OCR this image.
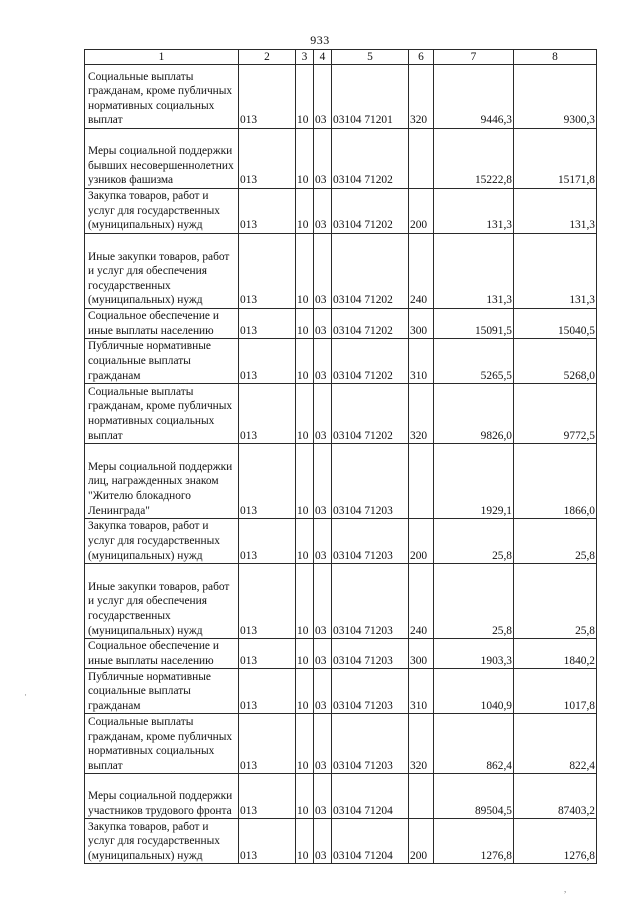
933
1	2	3	4	5	6	7	8
Социальные выплаты гражданам, кроме публичных нормативных социальных выплат	013	10	03	03104 71201	320	9446,3	9300,3
Меры социальной поддержки бывших несовершеннолетних узников фашизма	013	10	03	03104 71202		15222,8	15171,8
Закупка товаров, работ и услуг для государственных (муниципальных) нужд	013	10	03	03104 71202	200	131,3	131,3
Иные закупки товаров, работ и услуг для обеспечения государственных (муниципальных) нужд	013	10	03	03104 71202	240	131,3	131,3
Социальное обеспечение и иные выплаты населению	013	10	03	03104 71202	300	15091,5	15040,5
Публичные нормативные социальные выплаты гражданам	013	10	03	03104 71202	310	5265,5	5268,0
Социальные выплаты гражданам, кроме публичных нормативных социальных выплат	013	10	03	03104 71202	320	9826,0	9772,5
Меры социальной поддержки лиц, награжденных знаком "Жителю блокадного Ленинграда"	013	10	03	03104 71203		1929,1	1866,0
Закупка товаров, работ и услуг для государственных (муниципальных) нужд	013	10	03	03104 71203	200	25,8	25,8
Иные закупки товаров, работ и услуг для обеспечения государственных (муниципальных) нужд	013	10	03	03104 71203	240	25,8	25,8
Социальное обеспечение и иные выплаты населению	013	10	03	03104 71203	300	1903,3	1840,2
Публичные нормативные социальные выплаты гражданам	013	10	03	03104 71203	310	1040,9	1017,8
Социальные выплаты гражданам, кроме публичных нормативных социальных выплат	013	10	03	03104 71203	320	862,4	822,4
Меры социальной поддержки участников трудового фронта	013	10	03	03104 71204		89504,5	87403,2
Закупка товаров, работ и услуг для государственных (муниципальных) нужд	013	10	03	03104 71204	200	1276,8	1276,8
·
,
